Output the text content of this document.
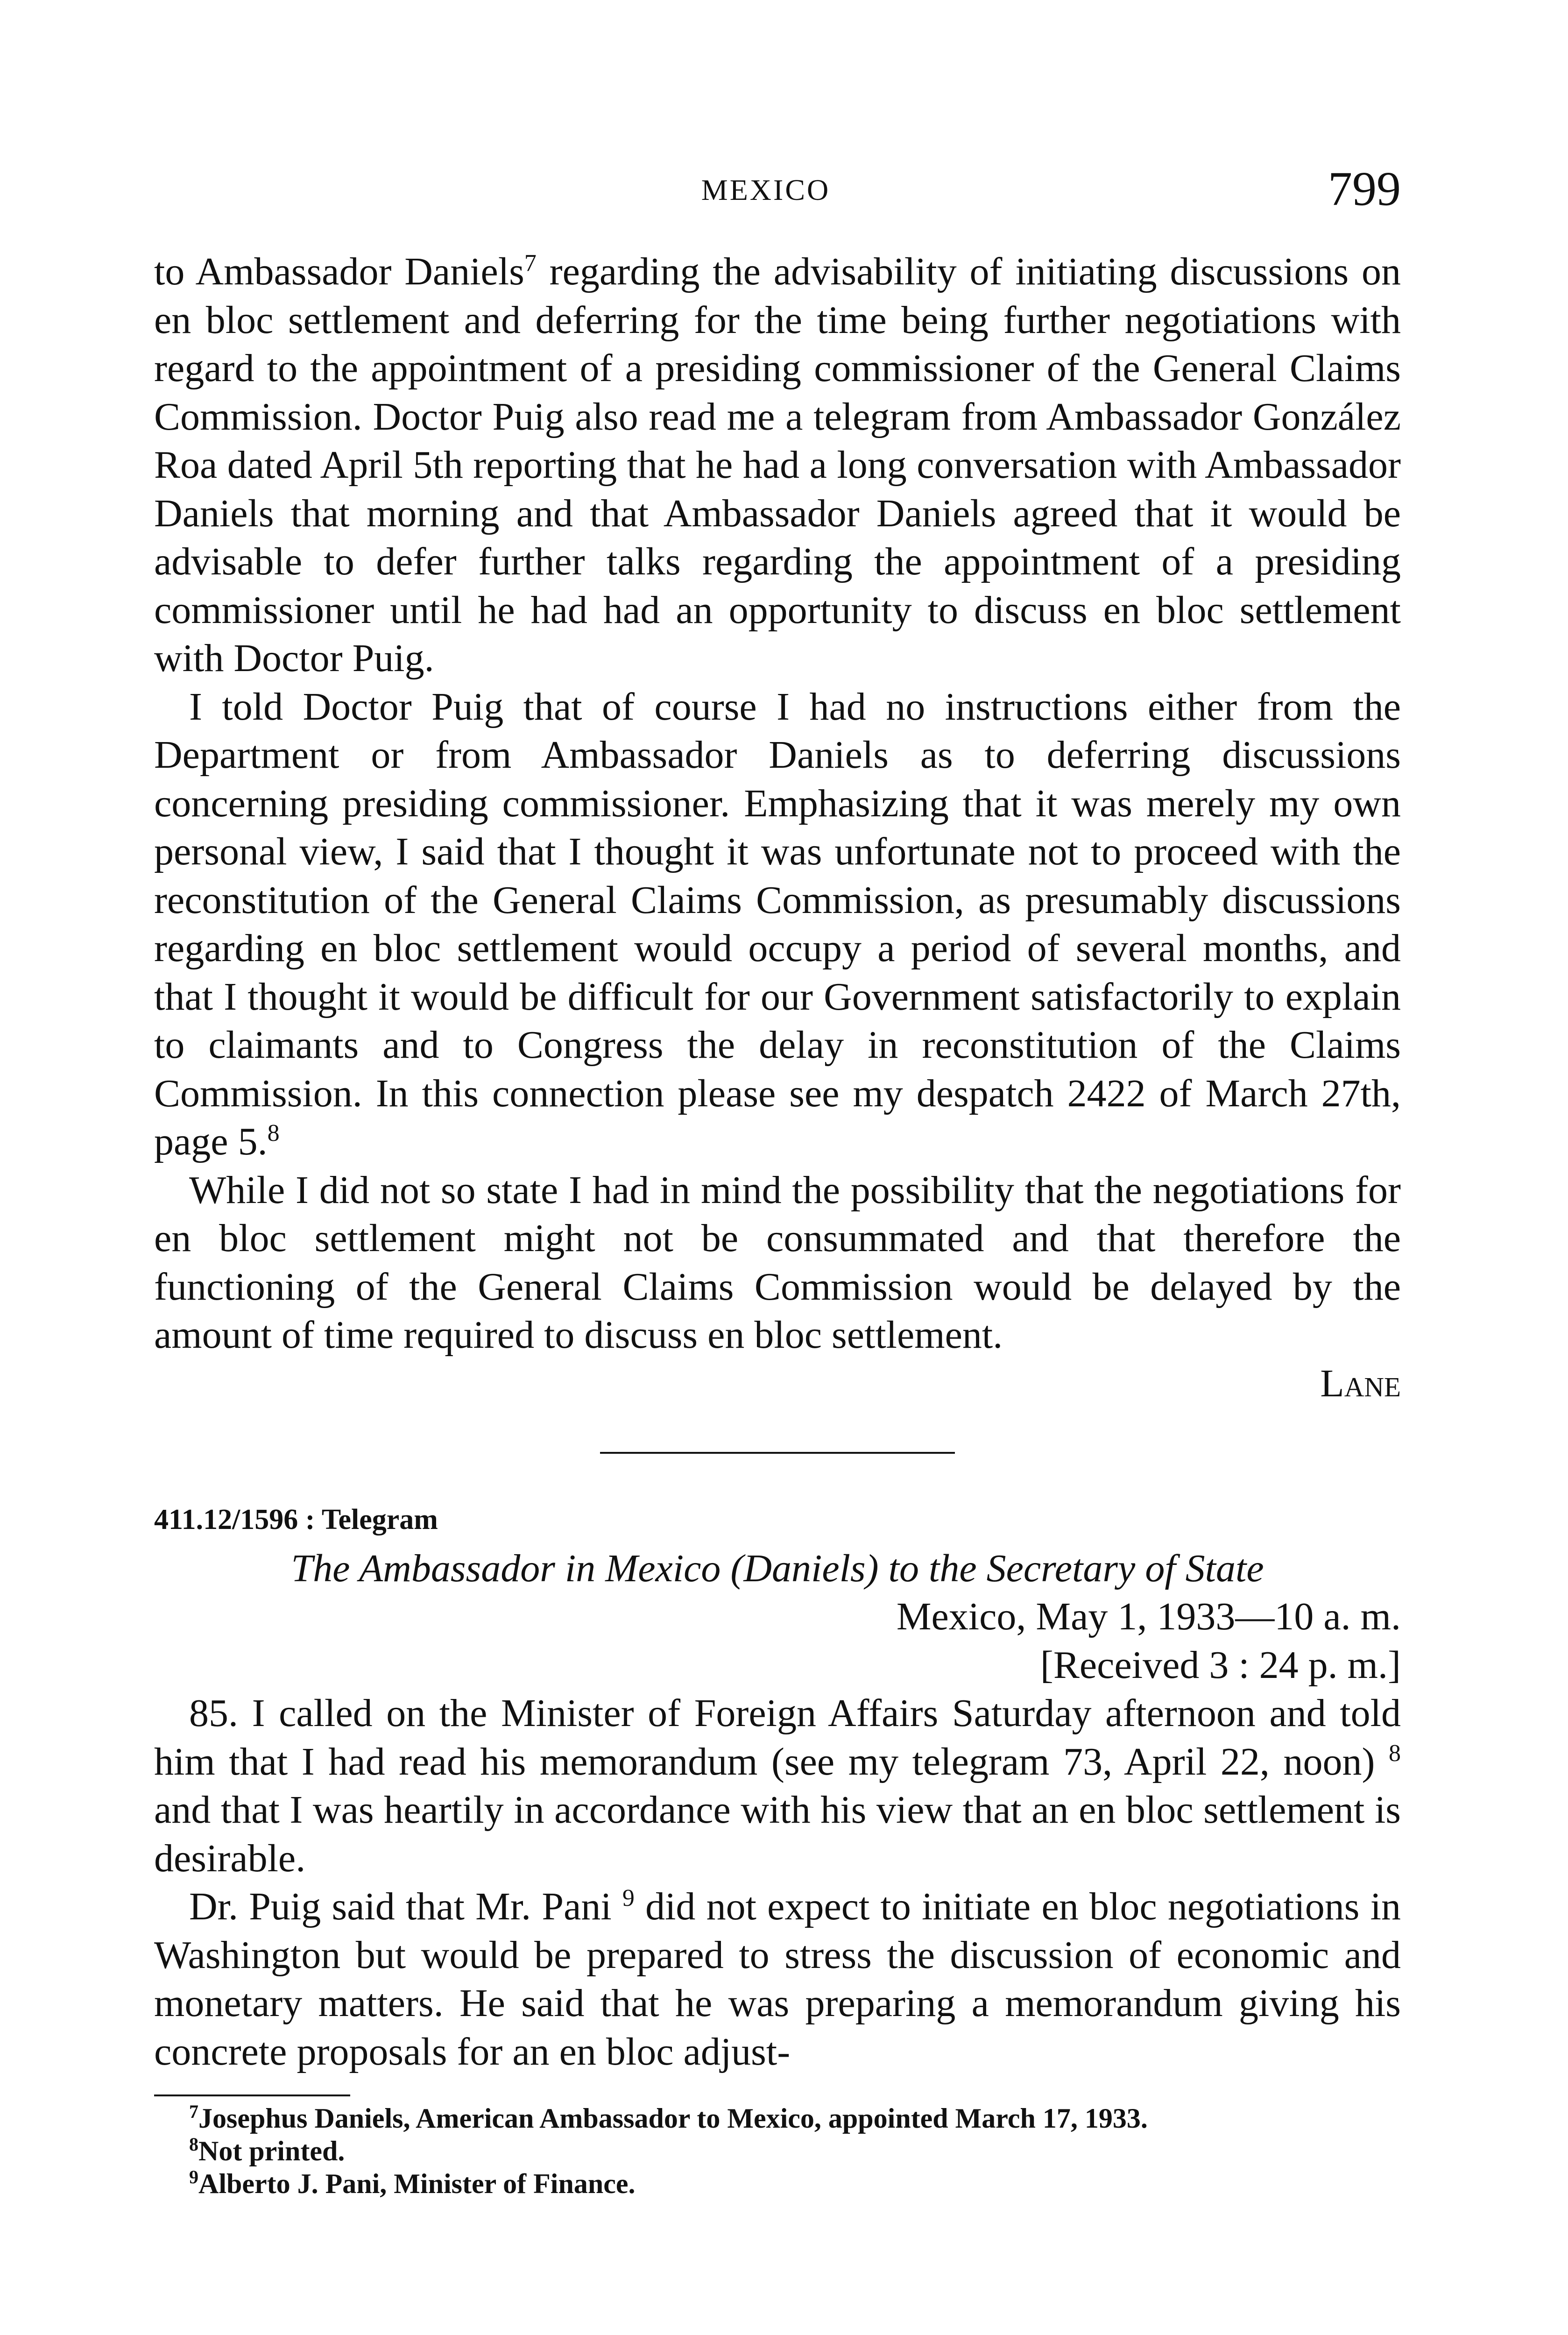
MEXICO	799

to Ambassador Daniels$^7$ regarding the advisability of initiating discussions on en bloc settlement and deferring for the time being further negotiations with regard to the appointment of a presiding commissioner of the General Claims Commission. Doctor Puig also read me a telegram from Ambassador González Roa dated April 5th reporting that he had a long conversation with Ambassador Daniels that morning and that Ambassador Daniels agreed that it would be advisable to defer further talks regarding the appointment of a presiding commissioner until he had had an opportunity to discuss en bloc settlement with Doctor Puig.

I told Doctor Puig that of course I had no instructions either from the Department or from Ambassador Daniels as to deferring discussions concerning presiding commissioner. Emphasizing that it was merely my own personal view, I said that I thought it was unfortunate not to proceed with the reconstitution of the General Claims Commission, as presumably discussions regarding en bloc settlement would occupy a period of several months, and that I thought it would be difficult for our Government satisfactorily to explain to claimants and to Congress the delay in reconstitution of the Claims Commission. In this connection please see my despatch 2422 of March 27th, page 5.$^8$

While I did not so state I had in mind the possibility that the negotiations for en bloc settlement might not be consummated and that therefore the functioning of the General Claims Commission would be delayed by the amount of time required to discuss en bloc settlement.

Lane

411.12/1596 : Telegram

The Ambassador in Mexico (Daniels) to the Secretary of State

Mexico, May 1, 1933—10 a. m.

[Received 3 : 24 p. m.]

85. I called on the Minister of Foreign Affairs Saturday afternoon and told him that I had read his memorandum (see my telegram 73, April 22, noon) $^8$ and that I was heartily in accordance with his view that an en bloc settlement is desirable.

Dr. Puig said that Mr. Pani $^9$ did not expect to initiate en bloc negotiations in Washington but would be prepared to stress the discussion of economic and monetary matters. He said that he was preparing a memorandum giving his concrete proposals for an en bloc adjust-

$^7$Josephus Daniels, American Ambassador to Mexico, appointed March 17, 1933.

$^8$Not printed.

$^9$Alberto J. Pani, Minister of Finance.
